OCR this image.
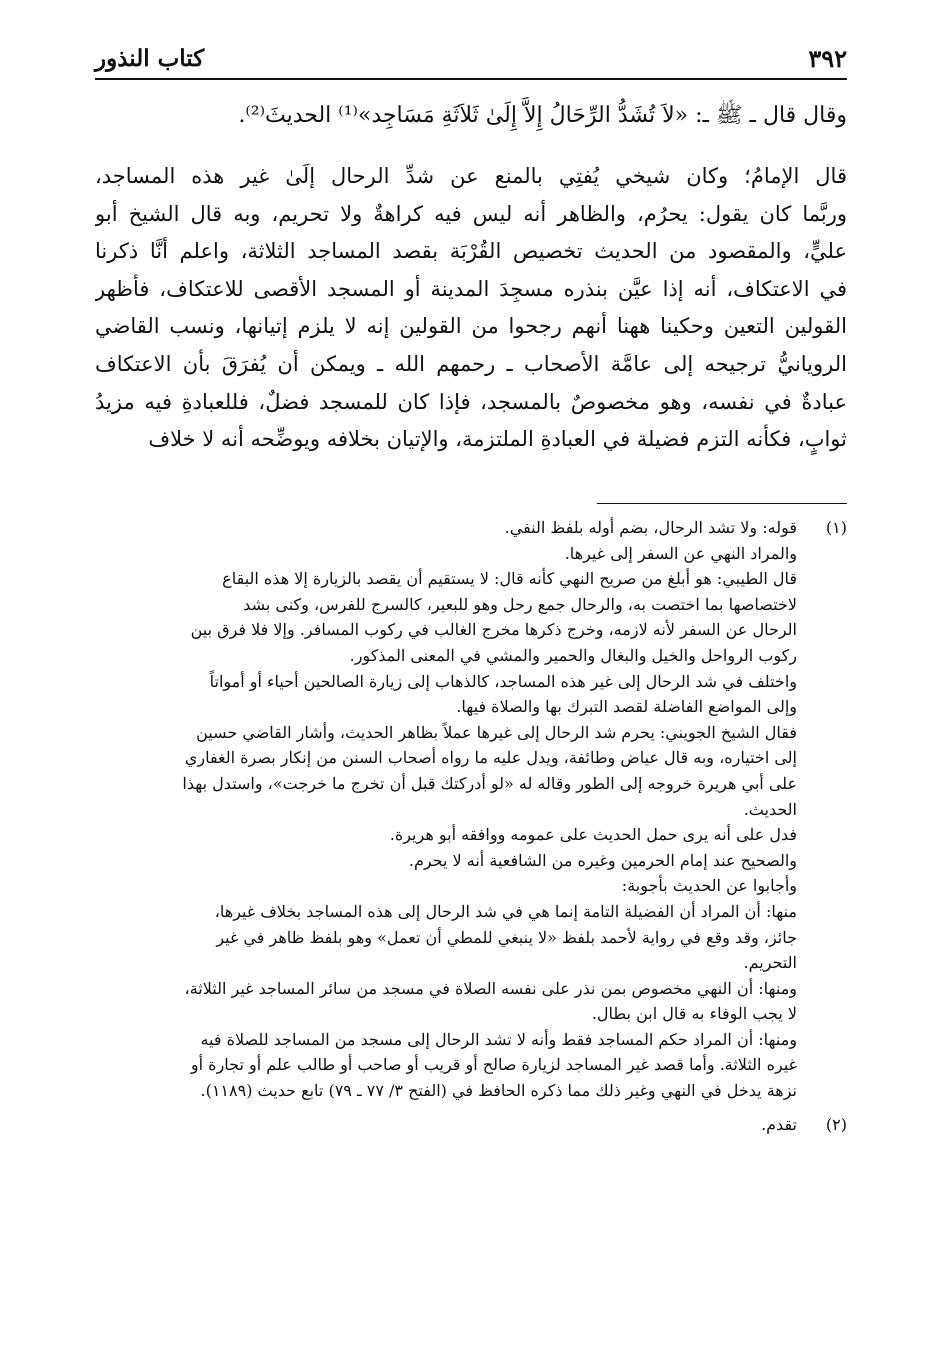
٣٩٢
كتاب النذور

وقال قال ـ ﷺ ـ: «لاَ تُشَدُّ الرِّحَالُ إِلاَّ إِلَىٰ ثَلاَثَةِ مَسَاجِد»⁽¹⁾ الحديثَ⁽²⁾.

قال الإمامُ؛ وكان شيخي يُفتِي بالمنع عن شدِّ الرحال إلَىٰ غير هذه المساجد،
وربَّما كان يقول: يحرُم، والظاهر أنه ليس فيه كراهةٌ ولا تحريم، وبه قال الشيخ أبو
عليٍّ، والمقصود من الحديث تخصيص القُرْبَة بقصد المساجد الثلاثة، واعلم أنَّا ذكرنا
في الاعتكاف، أنه إذا عيَّن بنذره مسجِدَ المدينة أو المسجد الأقصى للاعتكاف، فأظهر
القولين التعين وحكينا ههنا أنهم رجحوا من القولين إنه لا يلزم إتيانها، ونسب القاضي
الرويانيُّ ترجيحه إلى عامَّة الأصحاب ـ رحمهم الله ـ ويمكن أن يُفرَقَ بأن الاعتكاف
عبادةٌ في نفسه، وهو مخصوصٌ بالمسجد، فإذا كان للمسجد فضلٌ، فللعبادةِ فيه مزيدُ
ثوابٍ، فكأنه التزم فضيلة في العبادةِ الملتزمة، والإتيان بخلافه ويوضِّحه أنه لا خلاف
(١)
قوله: ولا تشد الرحال، بضم أوله بلفظ النفي.
والمراد النهي عن السفر إلى غيرها.
قال الطيبي: هو أبلغ من صريح النهي كأنه قال: لا يستقيم أن يقصد بالزيارة إلا هذه البقاع
لاختصاصها بما اختصت به، والرحال جمع رحل وهو للبعير، كالسرج للفرس، وكنى بشد
الرحال عن السفر لأنه لازمه، وخرج ذكرها مخرج الغالب في ركوب المسافر. وإلا فلا فرق بين
ركوب الرواحل والخيل والبغال والحمير والمشي في المعنى المذكور.
واختلف في شد الرحال إلى غير هذه المساجد، كالذهاب إلى زيارة الصالحين أحياء أو أمواتاً
وإلى المواضع الفاضلة لقصد التبرك بها والصلاة فيها.
فقال الشيخ الجويني: يحرم شد الرحال إلى غيرها عملاً بظاهر الحديث، وأشار القاضي حسين
إلى اختياره، وبه قال عياض وطائفة، ويدل عليه ما رواه أصحاب السنن من إنكار بصرة الغفاري
على أبي هريرة خروجه إلى الطور وقاله له «لو أدركتك قبل أن تخرج ما خرجت»، واستدل بهذا
الحديث.
فدل على أنه يرى حمل الحديث على عمومه ووافقه أبو هريرة.
والصحيح عند إمام الحرمين وغيره من الشافعية أنه لا يحرم.
وأجابوا عن الحديث بأجوبة:
منها: أن المراد أن الفضيلة التامة إنما هي في شد الرحال إلى هذه المساجد بخلاف غيرها،
جائز، وقد وقع في رواية لأحمد بلفظ «لا ينبغي للمطي أن تعمل» وهو بلفظ ظاهر في غير
التحريم.
ومنها: أن النهي مخصوص بمن نذر على نفسه الصلاة في مسجد من سائر المساجد غير الثلاثة،
لا يجب الوفاء به قال ابن بطال.
ومنها: أن المراد حكم المساجد فقط وأنه لا تشد الرحال إلى مسجد من المساجد للصلاة فيه
غيره الثلاثة. وأما قصد غير المساجد لزيارة صالح أو قريب أو صاحب أو طالب علم أو تجارة أو
نزهة يدخل في النهي وغير ذلك مما ذكره الحافظ في (الفتح ٣/ ٧٧ ـ ٧٩) تابع حديث (١١٨٩).
(٢)
تقدم.
